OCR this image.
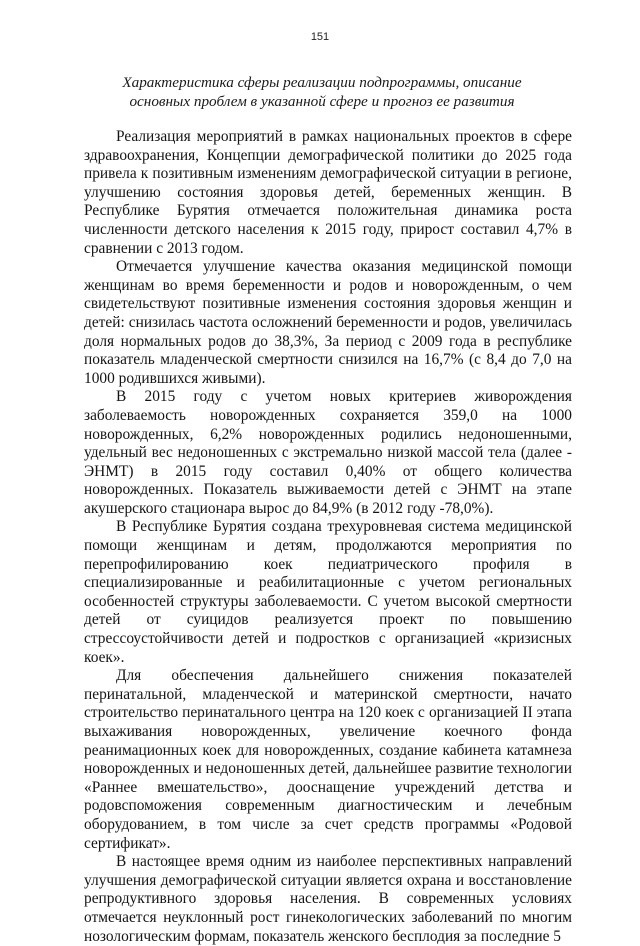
151
Характеристика сферы реализации подпрограммы, описание
основных проблем в указанной сфере и прогноз ее развития

Реализация мероприятий в рамках национальных проектов в сфере здравоохранения, Концепции демографической политики до 2025 года привела к позитивным изменениям демографической ситуации в регионе, улучшению состояния здоровья детей, беременных женщин. В Республике Бурятия отмечается положительная динамика роста численности детского населения к 2015 году, прирост составил 4,7% в сравнении с 2013 годом.

Отмечается улучшение качества оказания медицинской помощи женщинам во время беременности и родов и новорожденным, о чем свидетельствуют позитивные изменения состояния здоровья женщин и детей: снизилась частота осложнений беременности и родов, увеличилась доля нормальных родов до 38,3%, За период с 2009 года в республике показатель младенческой смертности снизился на 16,7% (с 8,4 до 7,0 на 1000 родившихся живыми).

В 2015 году с учетом новых критериев живорождения заболеваемость новорожденных сохраняется 359,0 на 1000 новорожденных, 6,2% новорожденных родились недоношенными, удельный вес недоношенных с экстремально низкой массой тела (далее - ЭНМТ) в 2015 году составил 0,40% от общего количества новорожденных. Показатель выживаемости детей с ЭНМТ на этапе акушерского стационара вырос до 84,9% (в 2012 году -78,0%).

В Республике Бурятия создана трехуровневая система медицинской помощи женщинам и детям, продолжаются мероприятия по перепрофилированию коек педиатрического профиля в специализированные и реабилитационные с учетом региональных особенностей структуры заболеваемости. С учетом высокой смертности детей от суицидов реализуется проект по повышению стрессоустойчивости детей и подростков с организацией «кризисных коек».

Для обеспечения дальнейшего снижения показателей перинатальной, младенческой и материнской смертности, начато строительство перинатального центра на 120 коек с организацией II этапа выхаживания новорожденных, увеличение коечного фонда реанимационных коек для новорожденных, создание кабинета катамнеза новорожденных и недоношенных детей, дальнейшее развитие технологии «Раннее вмешательство», дооснащение учреждений детства и родовспоможения современным диагностическим и лечебным оборудованием, в том числе за счет средств программы «Родовой сертификат».

В настоящее время одним из наиболее перспективных направлений улучшения демографической ситуации является охрана и восстановление репродуктивного здоровья населения. В современных условиях отмечается неуклонный рост гинекологических заболеваний по многим нозологическим формам, показатель женского бесплодия за последние 5
